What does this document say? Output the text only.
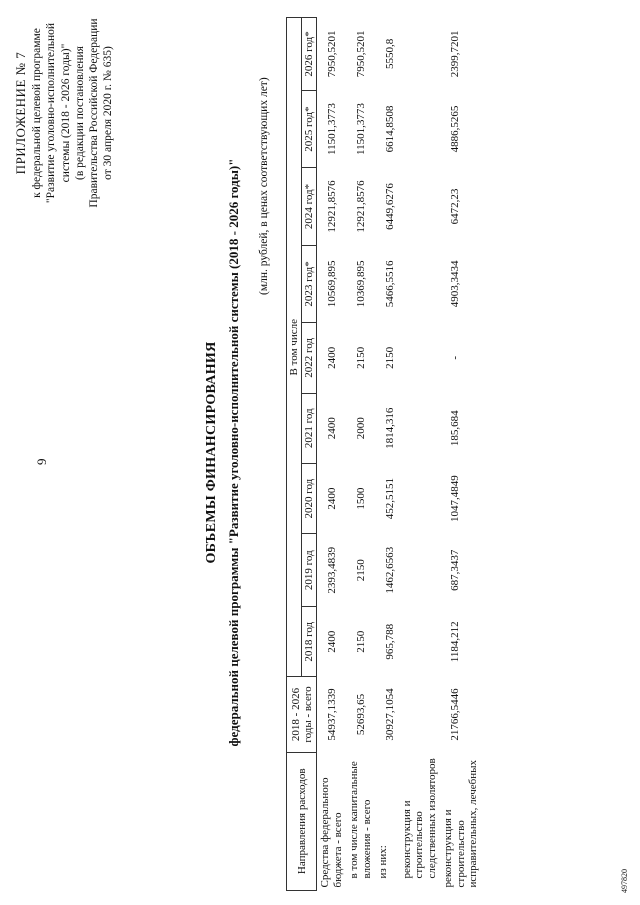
9
ПРИЛОЖЕНИЕ № 7 к федеральной целевой программе "Развитие уголовно-исполнительной системы (2018 - 2026 годы)" (в редакции постановления Правительства Российской Федерации от 30 апреля 2020 г. № 635)
ОБЪЕМЫ ФИНАНСИРОВАНИЯ федеральной целевой программы "Развитие уголовно-исполнительной системы (2018 - 2026 годы)" (млн. рублей, в ценах соответствующих лет)
Направления расходов	2018 - 2026 годы - всего	В том числе								
		2018 год	2019 год	2020 год	2021 год	2022 год	2023 год*	2024 год*	2025 год*	2026 год*
Средства федерального бюджета - всего	54937,1339	2400	2393,4839	2400	2400	2400	10569,895	12921,8576	11501,3773	7950,5201
в том числе капитальные вложения - всего	52693,65	2150	2150	1500	2000	2150	10369,895	12921,8576	11501,3773	7950,5201
из них:	30927,1054	965,788	1462,6563	452,5151	1814,316	2150	5466,5516	6449,6276	6614,8508	5550,8
реконструкция и строительство следственных изоляторов										
реконструкция и строительство исправительных, лечебных	21766,5446	1184,212	687,3437	1047,4849	185,684	-	4903,3434	6472,23	4886,5265	2399,7201
497820
